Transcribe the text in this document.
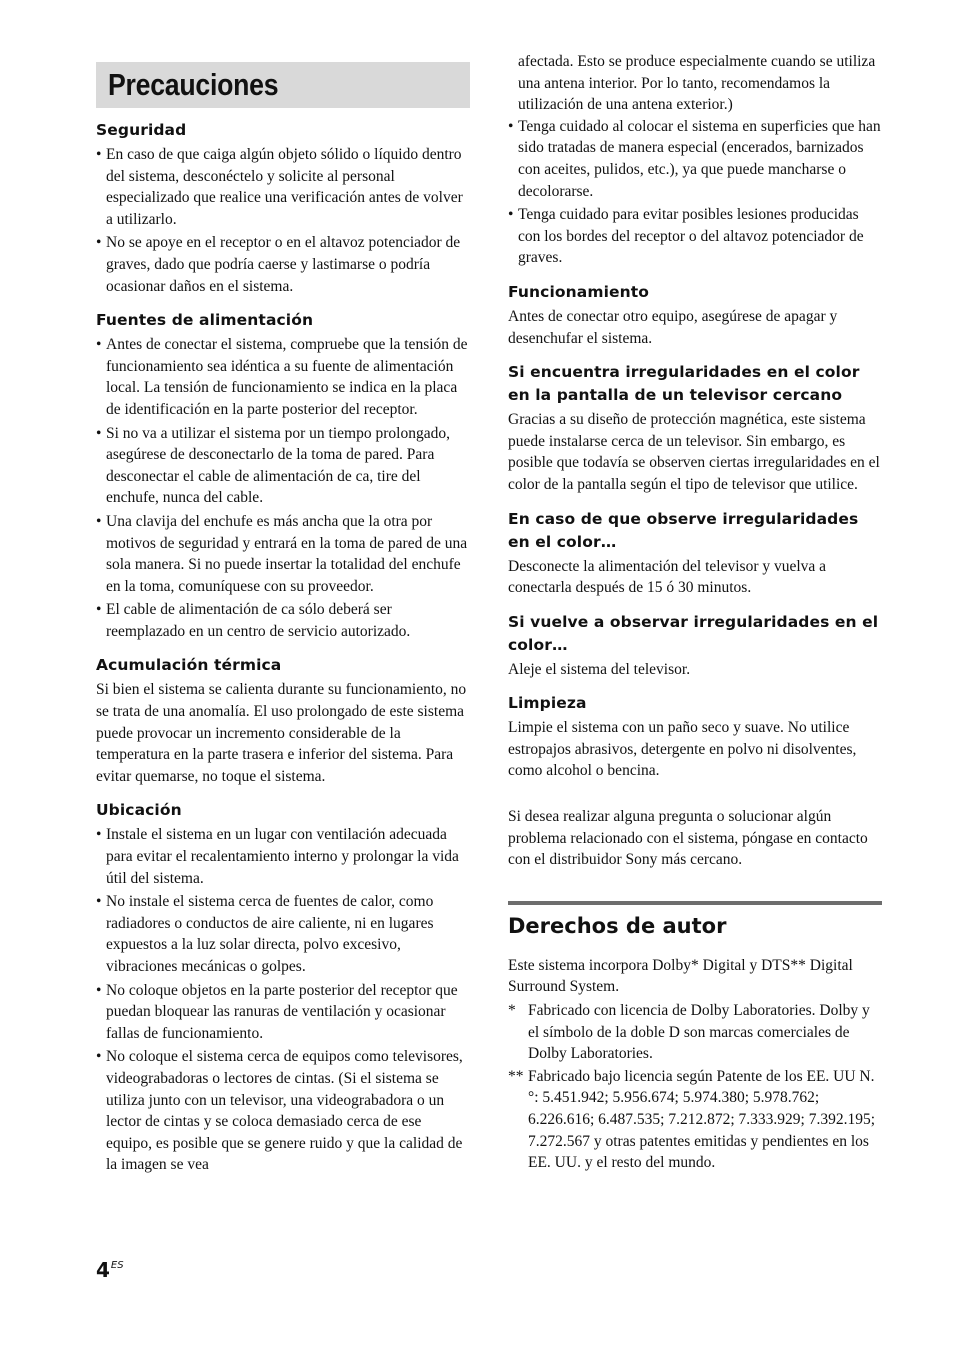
Precauciones
Seguridad
• En caso de que caiga algún objeto sólido o líquido dentro del sistema, desconéctelo y solicite al personal especializado que realice una verificación antes de volver a utilizarlo.
• No se apoye en el receptor o en el altavoz potenciador de graves, dado que podría caerse y lastimarse o podría ocasionar daños en el sistema.
Fuentes de alimentación
• Antes de conectar el sistema, compruebe que la tensión de funcionamiento sea idéntica a su fuente de alimentación local. La tensión de funcionamiento se indica en la placa de identificación en la parte posterior del receptor.
• Si no va a utilizar el sistema por un tiempo prolongado, asegúrese de desconectarlo de la toma de pared. Para desconectar el cable de alimentación de ca, tire del enchufe, nunca del cable.
• Una clavija del enchufe es más ancha que la otra por motivos de seguridad y entrará en la toma de pared de una sola manera. Si no puede insertar la totalidad del enchufe en la toma, comuníquese con su proveedor.
• El cable de alimentación de ca sólo deberá ser reemplazado en un centro de servicio autorizado.
Acumulación térmica

Si bien el sistema se calienta durante su funcionamiento, no se trata de una anomalía. El uso prolongado de este sistema puede provocar un incremento considerable de la temperatura en la parte trasera e inferior del sistema. Para evitar quemarse, no toque el sistema.

Ubicación
• Instale el sistema en un lugar con ventilación adecuada para evitar el recalentamiento interno y prolongar la vida útil del sistema.
• No instale el sistema cerca de fuentes de calor, como radiadores o conductos de aire caliente, ni en lugares expuestos a la luz solar directa, polvo excesivo, vibraciones mecánicas o golpes.
• No coloque objetos en la parte posterior del receptor que puedan bloquear las ranuras de ventilación y ocasionar fallas de funcionamiento.
• No coloque el sistema cerca de equipos como televisores, videograbadoras o lectores de cintas. (Si el sistema se utiliza junto con un televisor, una videograbadora o un lector de cintas y se coloca demasiado cerca de ese equipo, es posible que se genere ruido y que la calidad de la imagen se vea

afectada. Esto se produce especialmente cuando se utiliza una antena interior. Por lo tanto, recomendamos la utilización de una antena exterior.)

• Tenga cuidado al colocar el sistema en superficies que han sido tratadas de manera especial (encerados, barnizados con aceites, pulidos, etc.), ya que puede mancharse o decolorarse.
• Tenga cuidado para evitar posibles lesiones producidas con los bordes del receptor o del altavoz potenciador de graves.
Funcionamiento

Antes de conectar otro equipo, asegúrese de apagar y desenchufar el sistema.

Si encuentra irregularidades en el color en la pantalla de un televisor cercano

Gracias a su diseño de protección magnética, este sistema puede instalarse cerca de un televisor. Sin embargo, es posible que todavía se observen ciertas irregularidades en el color de la pantalla según el tipo de televisor que utilice.

En caso de que observe irregularidades en el color…

Desconecte la alimentación del televisor y vuelva a conectarla después de 15 ó 30 minutos.

Si vuelve a observar irregularidades en el color…

Aleje el sistema del televisor.

Limpieza

Limpie el sistema con un paño seco y suave. No utilice estropajos abrasivos, detergente en polvo ni disolventes, como alcohol o bencina.

Si desea realizar alguna pregunta o solucionar algún problema relacionado con el sistema, póngase en contacto con el distribuidor Sony más cercano.

Derechos de autor

Este sistema incorpora Dolby* Digital y DTS** Digital Surround System.

* Fabricado con licencia de Dolby Laboratories. Dolby y el símbolo de la doble D son marcas comerciales de Dolby Laboratories.
** Fabricado bajo licencia según Patente de los EE. UU N.°: 5.451.942; 5.956.674; 5.974.380; 5.978.762; 6.226.616; 6.487.535; 7.212.872; 7.333.929; 7.392.195; 7.272.567 y otras patentes emitidas y pendientes en los EE. UU. y el resto del mundo.
$4^{ES}$
